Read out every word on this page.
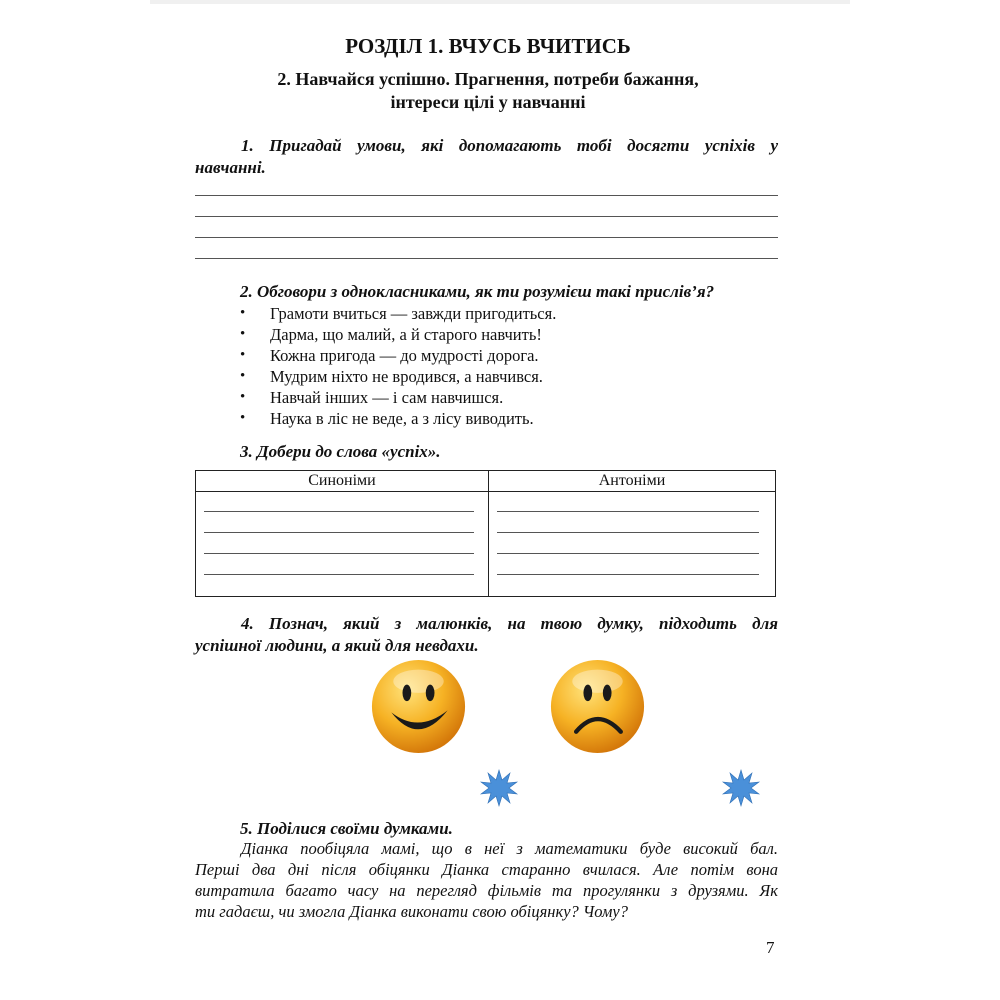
РОЗДІЛ 1. ВЧУСЬ ВЧИТИСЬ
2. Навчайся успішно. Прагнення, потреби бажання,
інтереси цілі у навчанні
1. Пригадай умови, які допомагають тобі досягти успіхів у
навчанні.
2. Обговори з однокласниками, як ти розумієш такі прислів’я?
• Грамоти вчиться — завжди пригодиться.
• Дарма, що малий, а й старого навчить!
• Кожна пригода — до мудрості дорога.
• Мудрим ніхто не вродився, а навчився.
• Навчай інших — і сам навчишся.
• Наука в ліс не веде, а з лісу виводить.
3. Добери до слова «успіх».
Синоніми	Антоніми

4. Познач, який з малюнків, на твою думку, підходить для
успішної людини, а який для невдахи.
5. Поділися своїми думками.
Діанка пообіцяла мамі, що в неї з математики буде високий бал.
Перші два дні після обіцянки Діанка старанно вчилася. Але потім вона
витратила багато часу на перегляд фільмів та прогулянки з друзями. Як
ти гадаєш, чи змогла Діанка виконати свою обіцянку? Чому?
7
